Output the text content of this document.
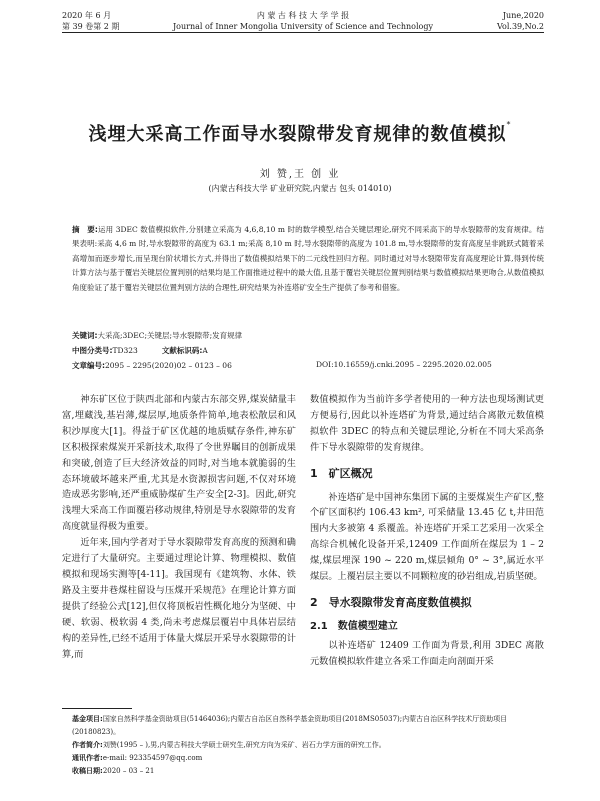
2020 年 6 月
第 39 卷第 2 期
内 蒙 古 科 技 大 学 学 报
Journal of Inner Mongolia University of Science and Technology
June,2020
Vol.39,No.2
浅埋大采高工作面导水裂隙带发育规律的数值模拟*
刘 赞,王 创 业
(内蒙古科技大学 矿业研究院,内蒙古 包头 014010)
摘　要:运用 3DEC 数值模拟软件,分别建立采高为 4,6,8,10 m 时的数学模型,结合关键层理论,研究不同采高下的导水裂隙带的发育规律。结果表明:采高 4,6 m 时,导水裂隙带的高度为 63.1 m;采高 8,10 m 时,导水裂隙带的高度为 101.8 m,导水裂隙带的发育高度呈非跳跃式随着采高增加而逐步增长,而呈现台阶状增长方式,并得出了数值模拟结果下的二元线性回归方程。同时通过对导水裂隙带发育高度理论计算,得到传统计算方法与基于覆岩关键层位置判别的结果均是工作面推进过程中的最大值,且基于覆岩关键层位置判别结果与数值模拟结果更吻合,从数值模拟角度验证了基于覆岩关键层位置判别方法的合理性,研究结果为补连塔矿安全生产提供了参考和借鉴。
关键词:大采高;3DEC;关键层;导水裂隙带;发育规律
中图分类号:TD323	文献标识码:A
文章编号:2095 – 2295(2020)02 – 0123 – 06	DOI:10.16559/j.cnki.2095 – 2295.2020.02.005

神东矿区位于陕西北部和内蒙古东部交界,煤炭储量丰富,埋藏浅,基岩薄,煤层厚,地质条件简单,地表松散层和风积沙厚度大[1]。得益于矿区优越的地质赋存条件,神东矿区积极探索煤炭开采新技术,取得了令世界瞩目的创新成果和突破,创造了巨大经济效益的同时,对当地本就脆弱的生态环境破坏越来严重,尤其是水资源损害问题,不仅对环境造成恶劣影响,还严重威胁煤矿生产安全[2-3]。因此,研究浅埋大采高工作面覆岩移动规律,特别是导水裂隙带的发育高度就显得极为重要。

近年来,国内学者对于导水裂隙带发育高度的预测和确定进行了大量研究。主要通过理论计算、物理模拟、数值模拟和现场实测等[4-11]。我国现有《建筑物、水体、铁路及主要井巷煤柱留设与压煤开采规范》在理论计算方面提供了经验公式[12],但仅将顶板岩性概化地分为坚硬、中硬、软弱、极软弱 4 类,尚未考虑煤层覆岩中具体岩层结构的差异性,已经不适用于体量大煤层开采导水裂隙带的计算,而

数值模拟作为当前许多学者使用的一种方法也现场测试更方便易行,因此以补连塔矿为背景,通过结合离散元数值模拟软件 3DEC 的特点和关键层理论,分析在不同大采高条件下导水裂隙带的发育规律。

1　矿区概况

补连塔矿是中国神东集团下属的主要煤炭生产矿区,整个矿区面积约 106.43 km², 可采储量 13.45 亿 t,井田范围内大多被第 4 系覆盖。补连塔矿开采工艺采用一次采全高综合机械化设备开采,12409 工作面所在煤层为 1 – 2 煤,煤层埋深 190 ~ 220 m,煤层倾角 0° ~ 3°,属近水平煤层。上覆岩层主要以不同颗粒度的砂岩组成,岩质坚硬。

2　导水裂隙带发育高度数值模拟
2.1　数值模型建立

以补连塔矿 12409 工作面为背景,利用 3DEC 离散元数值模拟软件建立各采工作面走向剖面开采

基金项目:国家自然科学基金资助项目(51464036);内蒙古自治区自然科学基金资助项目(2018MS05037);内蒙古自治区科学技术厅资助项目(20180823)。
作者简介:刘赞(1995 – ),男,内蒙古科技大学硕士研究生,研究方向为采矿、岩石力学方面的研究工作。
通讯作者:e-mail: 923354597@qq.com
收稿日期:2020 – 03 – 21
